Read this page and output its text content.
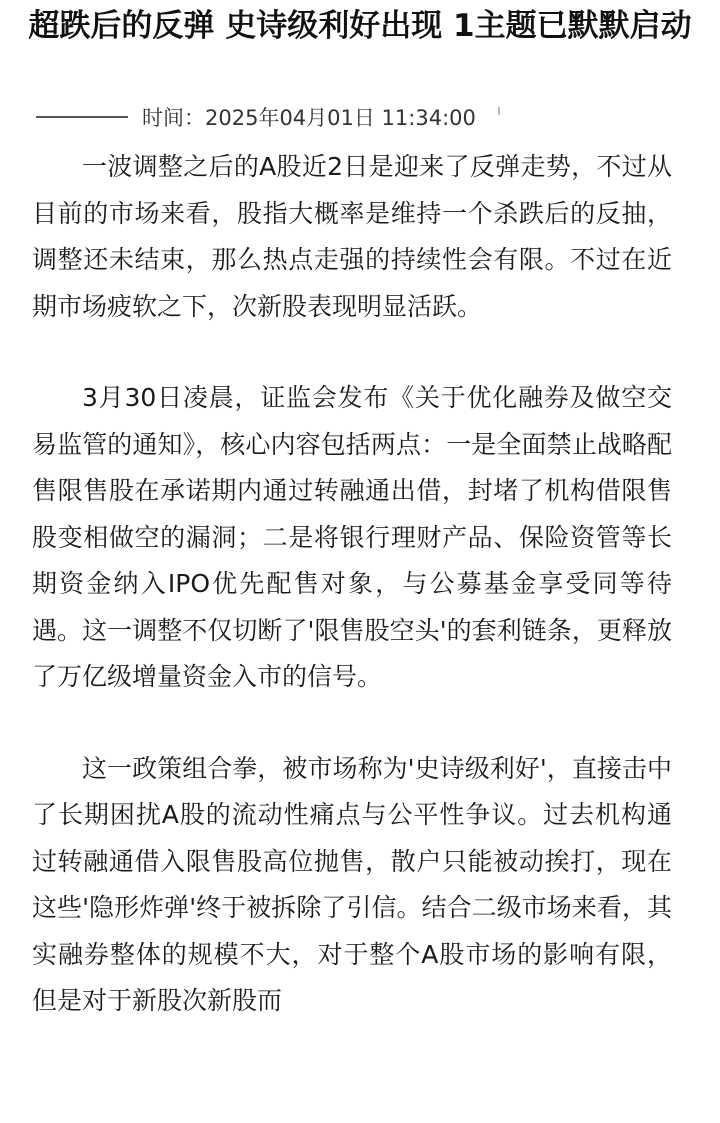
超跌后的反弹 史诗级利好出现 1主题已默默启动
时间：2025年04月01日 11:34:00

一波调整之后的A股近2日是迎来了反弹走势，不过从目前的市场来看，股指大概率是维持一个杀跌后的反抽，调整还未结束，那么热点走强的持续性会有限。不过在近期市场疲软之下，次新股表现明显活跃。

3月30日凌晨，证监会发布《关于优化融券及做空交易监管的通知》，核心内容包括两点：一是全面禁止战略配售限售股在承诺期内通过转融通出借，封堵了机构借限售股变相做空的漏洞；二是将银行理财产品、保险资管等长期资金纳入IPO优先配售对象，与公募基金享受同等待遇。这一调整不仅切断了'限售股空头'的套利链条，更释放了万亿级增量资金入市的信号。

这一政策组合拳，被市场称为'史诗级利好'，直接击中了长期困扰A股的流动性痛点与公平性争议。过去机构通过转融通借入限售股高位抛售，散户只能被动挨打，现在这些'隐形炸弹'终于被拆除了引信。结合二级市场来看，其实融券整体的规模不大，对于整个A股市场的影响有限，但是对于新股次新股而
